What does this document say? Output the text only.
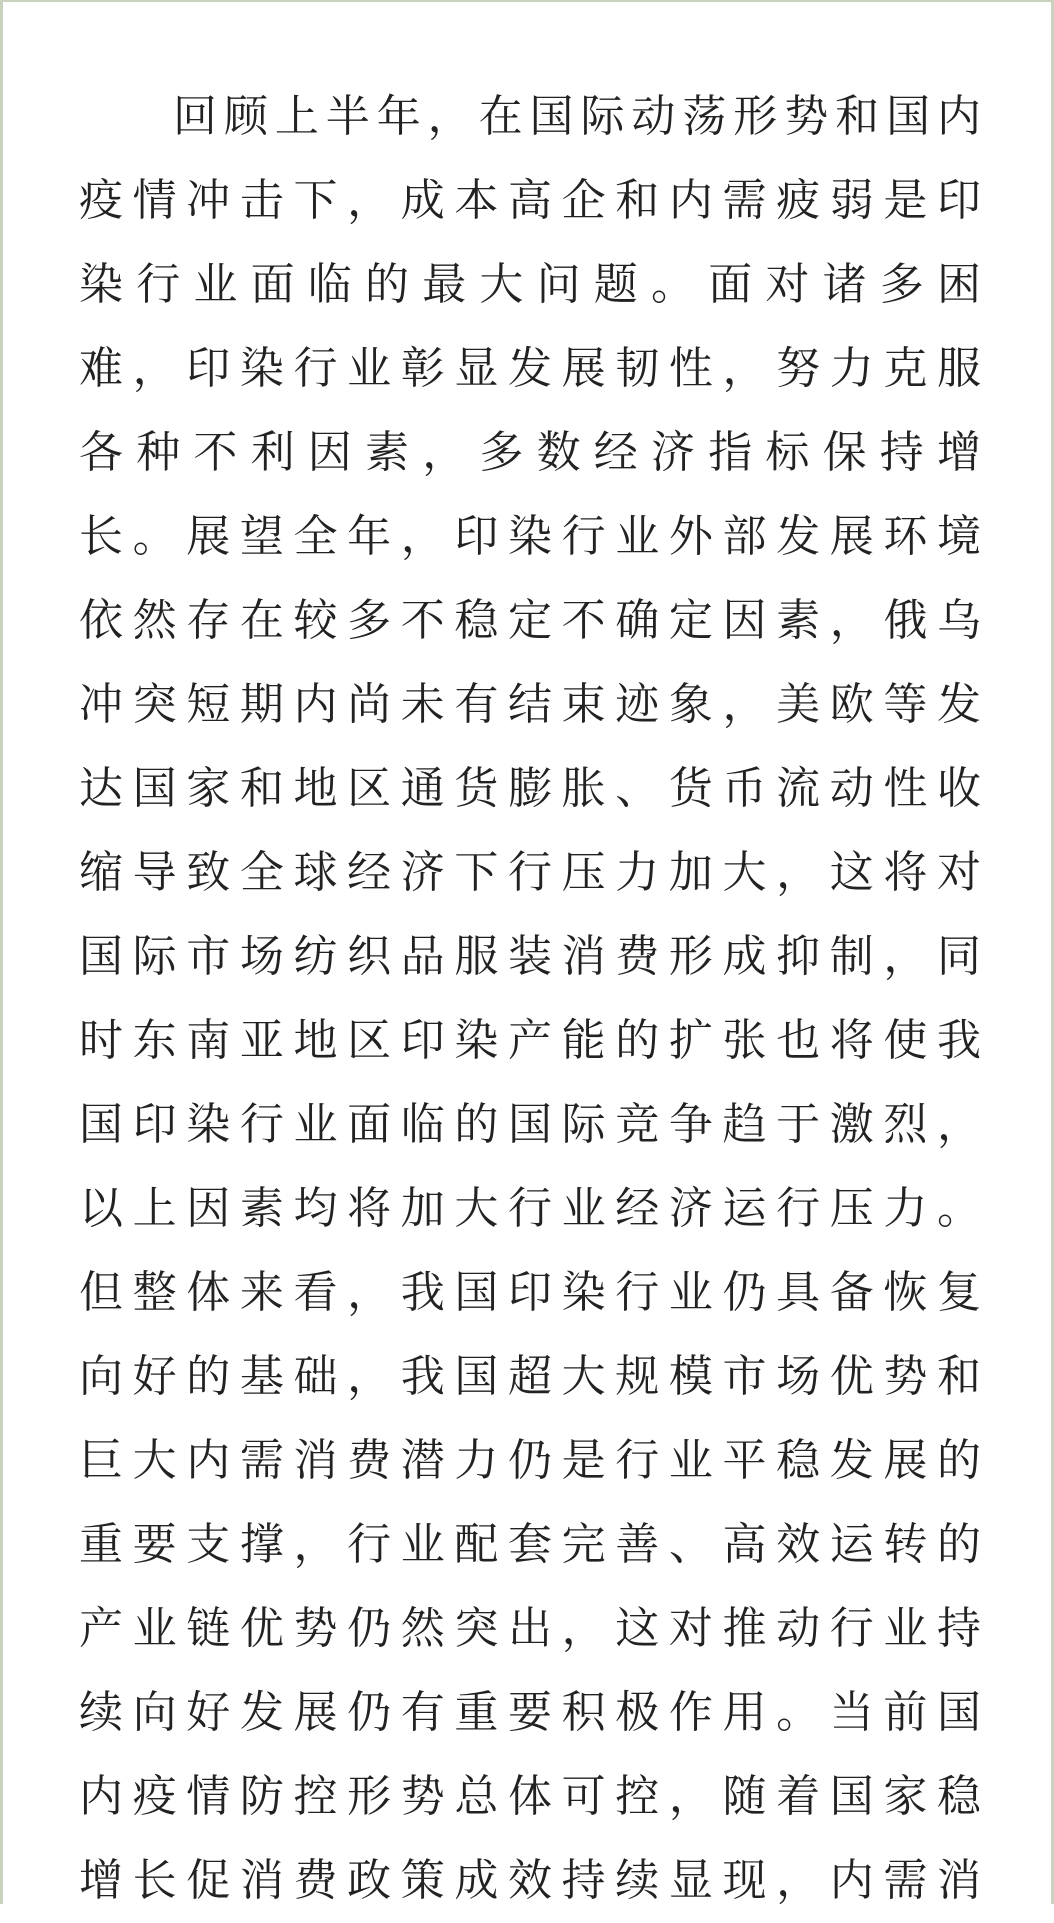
回顾上半年，在国际动荡形势和国内
疫情冲击下，成本高企和内需疲弱是印
染行业面临的最大问题。面对诸多困
难，印染行业彰显发展韧性，努力克服
各种不利因素，多数经济指标保持增
长。展望全年，印染行业外部发展环境
依然存在较多不稳定不确定因素，俄乌
冲突短期内尚未有结束迹象，美欧等发
达国家和地区通货膨胀、货币流动性收
缩导致全球经济下行压力加大，这将对
国际市场纺织品服装消费形成抑制，同
时东南亚地区印染产能的扩张也将使我
国印染行业面临的国际竞争趋于激烈，
以上因素均将加大行业经济运行压力。
但整体来看，我国印染行业仍具备恢复
向好的基础，我国超大规模市场优势和
巨大内需消费潜力仍是行业平稳发展的
重要支撑，行业配套完善、高效运转的
产业链优势仍然突出，这对推动行业持
续向好发展仍有重要积极作用。当前国
内疫情防控形势总体可控，随着国家稳
增长促消费政策成效持续显现，内需消
